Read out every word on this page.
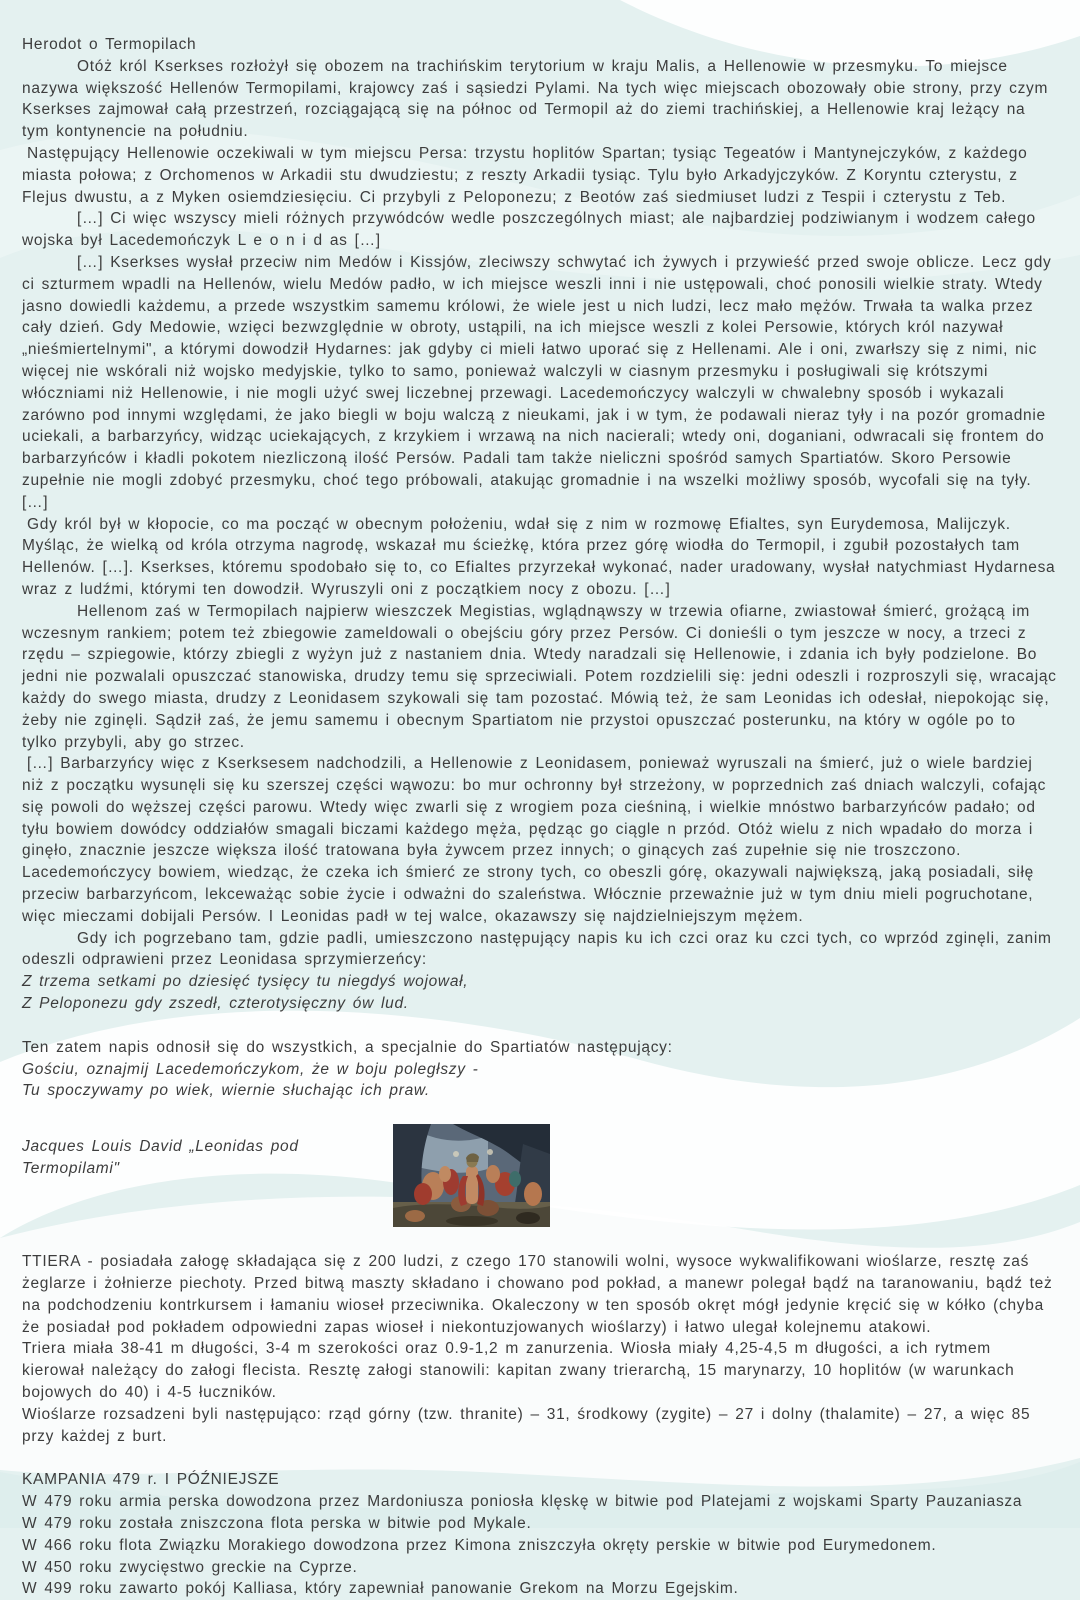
Herodot o Termopilach

Otóż król Kserkses rozłożył się obozem na trachińskim terytorium w kraju Malis, a Hellenowie w przesmyku. To miejsce nazywa większość Hellenów Termopilami, krajowcy zaś i sąsiedzi Pylami. Na tych więc miejscach obozowały obie strony, przy czym Kserkses zajmował całą przestrzeń, rozciągającą się na północ od Termopil aż do ziemi trachińskiej, a Hellenowie kraj leżący na tym kontynencie na południu.

Następujący Hellenowie oczekiwali w tym miejscu Persa: trzystu hoplitów Spartan; tysiąc Tegeatów i Mantynejczyków, z każdego miasta połowa; z Orchomenos w Arkadii stu dwudziestu; z reszty Arkadii tysiąc. Tylu było Arkadyjczyków. Z Koryntu czterystu, z Flejus dwustu, a z Myken osiemdziesięciu. Ci przybyli z Peloponezu; z Beotów zaś siedmiuset ludzi z Tespii i czterystu z Teb.

[…] Ci więc wszyscy mieli różnych przywódców wedle poszczególnych miast; ale najbardziej podziwianym i wodzem całego wojska był Lacedemończyk L e o n i d as […]

[…] Kserkses wysłał przeciw nim Medów i Kissjów, zleciwszy schwytać ich żywych i przywieść przed swoje oblicze. Lecz gdy ci szturmem wpadli na Hellenów, wielu Medów padło, w ich miejsce weszli inni i nie ustępowali, choć ponosili wielkie straty. Wtedy jasno dowiedli każdemu, a przede wszystkim samemu królowi, że wiele jest u nich ludzi, lecz mało mężów. Trwała ta walka przez cały dzień. Gdy Medowie, wzięci bezwzględnie w obroty, ustąpili, na ich miejsce weszli z kolei Persowie, których król nazywał „nieśmiertelnymi", a którymi dowodził Hydarnes: jak gdyby ci mieli łatwo uporać się z Hellenami. Ale i oni, zwarłszy się z nimi, nic więcej nie wskórali niż wojsko medyjskie, tylko to samo, ponieważ walczyli w ciasnym przesmyku i posługiwali się krótszymi włóczniami niż Hellenowie, i nie mogli użyć swej liczebnej przewagi. Lacedemończycy walczyli w chwalebny sposób i wykazali zarówno pod innymi względami, że jako biegli w boju walczą z nieukami, jak i w tym, że podawali nieraz tyły i na pozór gromadnie uciekali, a barbarzyńcy, widząc uciekających, z krzykiem i wrzawą na nich nacierali; wtedy oni, doganiani, odwracali się frontem do barbarzyńców i kładli pokotem niezliczoną ilość Persów. Padali tam także nieliczni spośród samych Spartiatów. Skoro Persowie zupełnie nie mogli zdobyć przesmyku, choć tego próbowali, atakując gromadnie i na wszelki możliwy sposób, wycofali się na tyły. […]

Gdy król był w kłopocie, co ma począć w obecnym położeniu, wdał się z nim w rozmowę Efialtes, syn Eurydemosa, Malijczyk. Myśląc, że wielką od króla otrzyma nagrodę, wskazał mu ścieżkę, która przez górę wiodła do Termopil, i zgubił pozostałych tam Hellenów. […]. Kserkses, któremu spodobało się to, co Efialtes przyrzekał wykonać, nader uradowany, wysłał natychmiast Hydarnesa wraz z ludźmi, którymi ten dowodził. Wyruszyli oni z początkiem nocy z obozu. […]

Hellenom zaś w Termopilach najpierw wieszczek Megistias, wglądnąwszy w trzewia ofiarne, zwiastował śmierć, grożącą im wczesnym rankiem; potem też zbiegowie zameldowali o obejściu góry przez Persów. Ci donieśli o tym jeszcze w nocy, a trzeci z rzędu – szpiegowie, którzy zbiegli z wyżyn już z nastaniem dnia. Wtedy naradzali się Hellenowie, i zdania ich były podzielone. Bo jedni nie pozwalali opuszczać stanowiska, drudzy temu się sprzeciwiali. Potem rozdzielili się: jedni odeszli i rozproszyli się, wracając każdy do swego miasta, drudzy z Leonidasem szykowali się tam pozostać. Mówią też, że sam Leonidas ich odesłał, niepokojąc się, żeby nie zginęli. Sądził zaś, że jemu samemu i obecnym Spartiatom nie przystoi opuszczać posterunku, na który w ogóle po to tylko przybyli, aby go strzec.

[…] Barbarzyńcy więc z Kserksesem nadchodzili, a Hellenowie z Leonidasem, ponieważ wyruszali na śmierć, już o wiele bardziej niż z początku wysunęli się ku szerszej części wąwozu: bo mur ochronny był strzeżony, w poprzednich zaś dniach walczyli, cofając się powoli do węższej części parowu. Wtedy więc zwarli się z wrogiem poza cieśniną, i wielkie mnóstwo barbarzyńców padało; od tyłu bowiem dowódcy oddziałów smagali biczami każdego męża, pędząc go ciągle n przód. Otóż wielu z nich wpadało do morza i ginęło, znacznie jeszcze większa ilość tratowana była żywcem przez innych; o ginących zaś zupełnie się nie troszczono. Lacedemończycy bowiem, wiedząc, że czeka ich śmierć ze strony tych, co obeszli górę, okazywali największą, jaką posiadali, siłę przeciw barbarzyńcom, lekceważąc sobie życie i odważni do szaleństwa. Włócznie przeważnie już w tym dniu mieli pogruchotane, więc mieczami dobijali Persów. I Leonidas padł w tej walce, okazawszy się najdzielniejszym mężem.

Gdy ich pogrzebano tam, gdzie padli, umieszczono następujący napis ku ich czci oraz ku czci tych, co wprzód zginęli, zanim odeszli odprawieni przez Leonidasa sprzymierzeńcy:

Z trzema setkami po dziesięć tysięcy tu niegdyś wojował,

Z Peloponezu gdy zszedł, czterotysięczny ów lud.

Ten zatem napis odnosił się do wszystkich, a specjalnie do Spartiatów następujący:

Gościu, oznajmij Lacedemończykom, że w boju poległszy -

Tu spoczywamy po wiek, wiernie słuchając ich praw.

Jacques Louis David „Leonidas pod Termopilami"

TTIERA - posiadała załogę składająca się z 200 ludzi, z czego 170 stanowili wolni, wysoce wykwalifikowani wioślarze, resztę zaś żeglarze i żołnierze piechoty. Przed bitwą maszty składano i chowano pod pokład, a manewr polegał bądź na taranowaniu, bądź też na podchodzeniu kontrkursem i łamaniu wioseł przeciwnika. Okaleczony w ten sposób okręt mógł jedynie kręcić się w kółko (chyba że posiadał pod pokładem odpowiedni zapas wioseł i niekontuzjowanych wioślarzy) i łatwo ulegał kolejnemu atakowi.

Triera miała 38-41 m długości, 3-4 m szerokości oraz 0.9-1,2 m zanurzenia. Wiosła miały 4,25-4,5 m długości, a ich rytmem kierował należący do załogi flecista. Resztę załogi stanowili: kapitan zwany trierarchą, 15 marynarzy, 10 hoplitów (w warunkach bojowych do 40) i 4-5 łuczników.

Wioślarze rozsadzeni byli następująco: rząd górny (tzw. thranite) – 31, środkowy (zygite) – 27 i dolny (thalamite) – 27, a więc 85 przy każdej z burt.

KAMPANIA 479 r. I PÓŹNIEJSZE

W 479 roku armia perska dowodzona przez Mardoniusza poniosła klęskę w bitwie pod Platejami z wojskami Sparty Pauzaniasza

W 479 roku została zniszczona flota perska w bitwie pod Mykale.

W 466 roku flota Związku Morakiego dowodzona przez Kimona zniszczyła okręty perskie w bitwie pod Eurymedonem.

W 450 roku zwycięstwo greckie na Cyprze.

W 499 roku zawarto pokój Kalliasa, który zapewniał panowanie Grekom na Morzu Egejskim.
